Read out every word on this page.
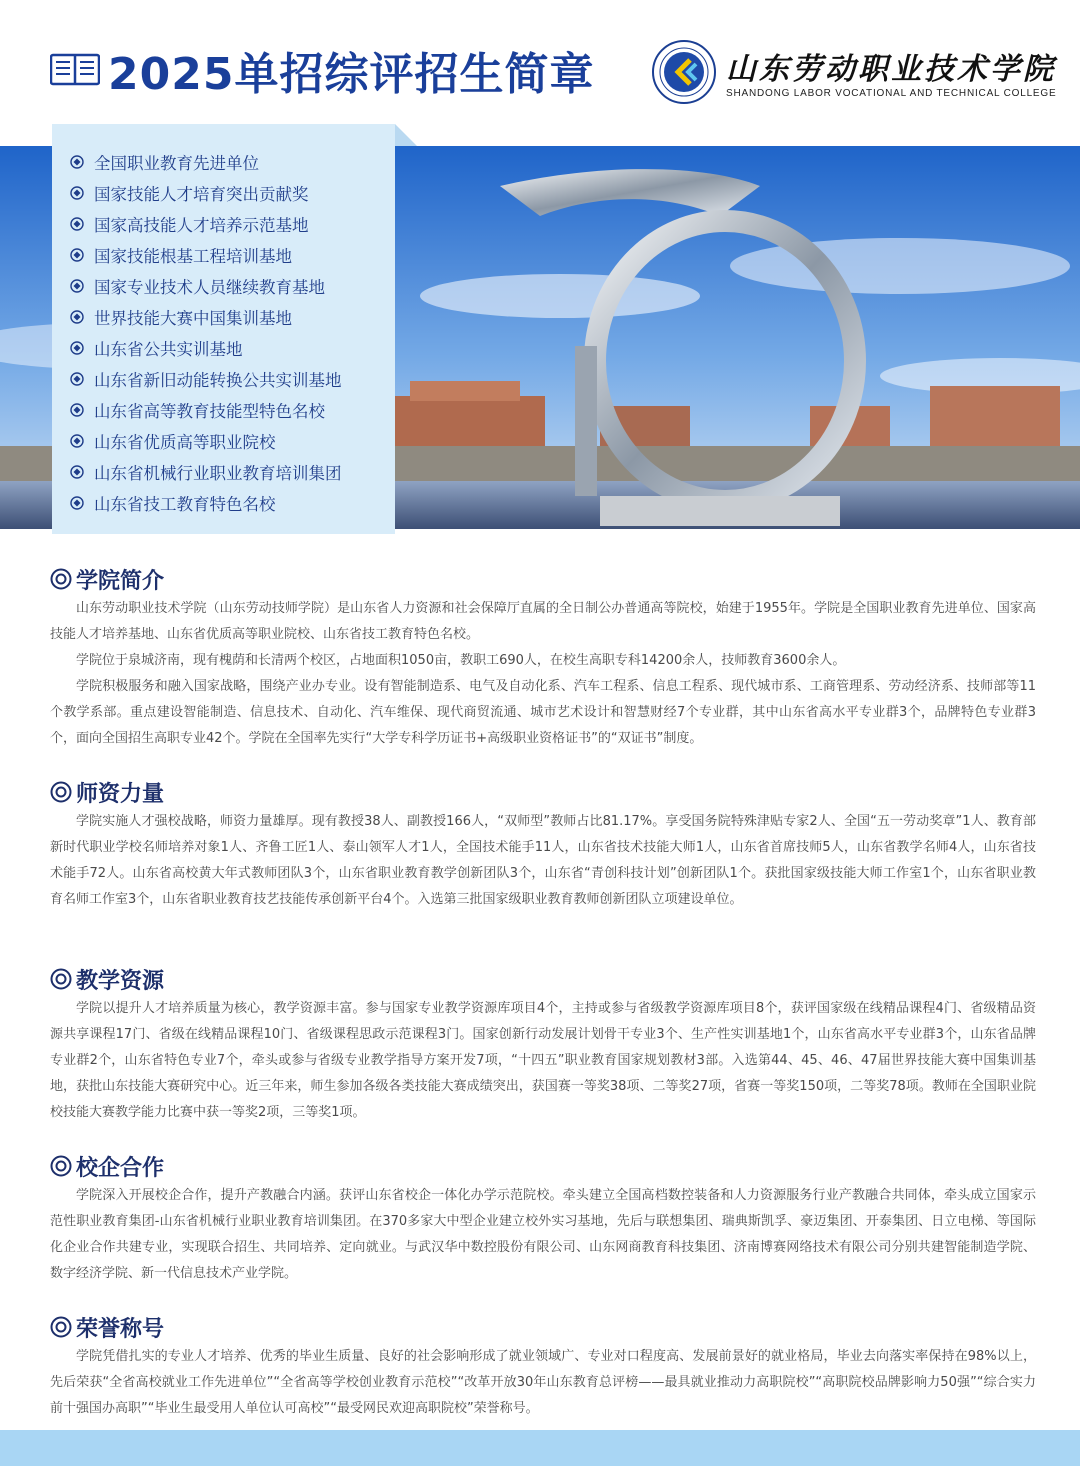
2025单招综评招生简章	山东劳动职业技术学院
SHANDONG LABOR VOCATIONAL AND TECHNICAL COLLEGE
全国职业教育先进单位
国家技能人才培育突出贡献奖
国家高技能人才培养示范基地
国家技能根基工程培训基地
国家专业技术人员继续教育基地
世界技能大赛中国集训基地
山东省公共实训基地
山东省新旧动能转换公共实训基地
山东省高等教育技能型特色名校
山东省优质高等职业院校
山东省机械行业职业教育培训集团
山东省技工教育特色名校
学院简介

山东劳动职业技术学院（山东劳动技师学院）是山东省人力资源和社会保障厅直属的全日制公办普通高等院校，始建于1955年。学院是全国职业教育先进单位、国家高技能人才培养基地、山东省优质高等职业院校、山东省技工教育特色名校。

学院位于泉城济南，现有槐荫和长清两个校区，占地面积1050亩，教职工690人，在校生高职专科14200余人，技师教育3600余人。

学院积极服务和融入国家战略，围绕产业办专业。设有智能制造系、电气及自动化系、汽车工程系、信息工程系、现代城市系、工商管理系、劳动经济系、技师部等11个教学系部。重点建设智能制造、信息技术、自动化、汽车维保、现代商贸流通、城市艺术设计和智慧财经7个专业群，其中山东省高水平专业群3个，品牌特色专业群3个，面向全国招生高职专业42个。学院在全国率先实行“大学专科学历证书+高级职业资格证书”的“双证书”制度。

师资力量

学院实施人才强校战略，师资力量雄厚。现有教授38人、副教授166人，“双师型”教师占比81.17%。享受国务院特殊津贴专家2人、全国“五一劳动奖章”1人、教育部新时代职业学校名师培养对象1人、齐鲁工匠1人、泰山领军人才1人，全国技术能手11人，山东省技术技能大师1人，山东省首席技师5人，山东省教学名师4人，山东省技术能手72人。山东省高校黄大年式教师团队3个，山东省职业教育教学创新团队3个，山东省“青创科技计划”创新团队1个。获批国家级技能大师工作室1个，山东省职业教育名师工作室3个，山东省职业教育技艺技能传承创新平台4个。入选第三批国家级职业教育教师创新团队立项建设单位。

教学资源

学院以提升人才培养质量为核心，教学资源丰富。参与国家专业教学资源库项目4个，主持或参与省级教学资源库项目8个，获评国家级在线精品课程4门、省级精品资源共享课程17门、省级在线精品课程10门、省级课程思政示范课程3门。国家创新行动发展计划骨干专业3个、生产性实训基地1个，山东省高水平专业群3个，山东省品牌专业群2个，山东省特色专业7个，牵头或参与省级专业教学指导方案开发7项，“十四五”职业教育国家规划教材3部。入选第44、45、46、47届世界技能大赛中国集训基地，获批山东技能大赛研究中心。近三年来，师生参加各级各类技能大赛成绩突出，获国赛一等奖38项、二等奖27项，省赛一等奖150项，二等奖78项。教师在全国职业院校技能大赛教学能力比赛中获一等奖2项，三等奖1项。

校企合作

学院深入开展校企合作，提升产教融合内涵。获评山东省校企一体化办学示范院校。牵头建立全国高档数控装备和人力资源服务行业产教融合共同体，牵头成立国家示范性职业教育集团-山东省机械行业职业教育培训集团。在370多家大中型企业建立校外实习基地，先后与联想集团、瑞典斯凯孚、豪迈集团、开泰集团、日立电梯、等国际化企业合作共建专业，实现联合招生、共同培养、定向就业。与武汉华中数控股份有限公司、山东网商教育科技集团、济南博赛网络技术有限公司分别共建智能制造学院、数字经济学院、新一代信息技术产业学院。

荣誉称号

学院凭借扎实的专业人才培养、优秀的毕业生质量、良好的社会影响形成了就业领域广、专业对口程度高、发展前景好的就业格局，毕业去向落实率保持在98%以上，先后荣获“全省高校就业工作先进单位”“全省高等学校创业教育示范校”“改革开放30年山东教育总评榜——最具就业推动力高职院校”“高职院校品牌影响力50强”“综合实力前十强国办高职”“毕业生最受用人单位认可高校”“最受网民欢迎高职院校”荣誉称号。
